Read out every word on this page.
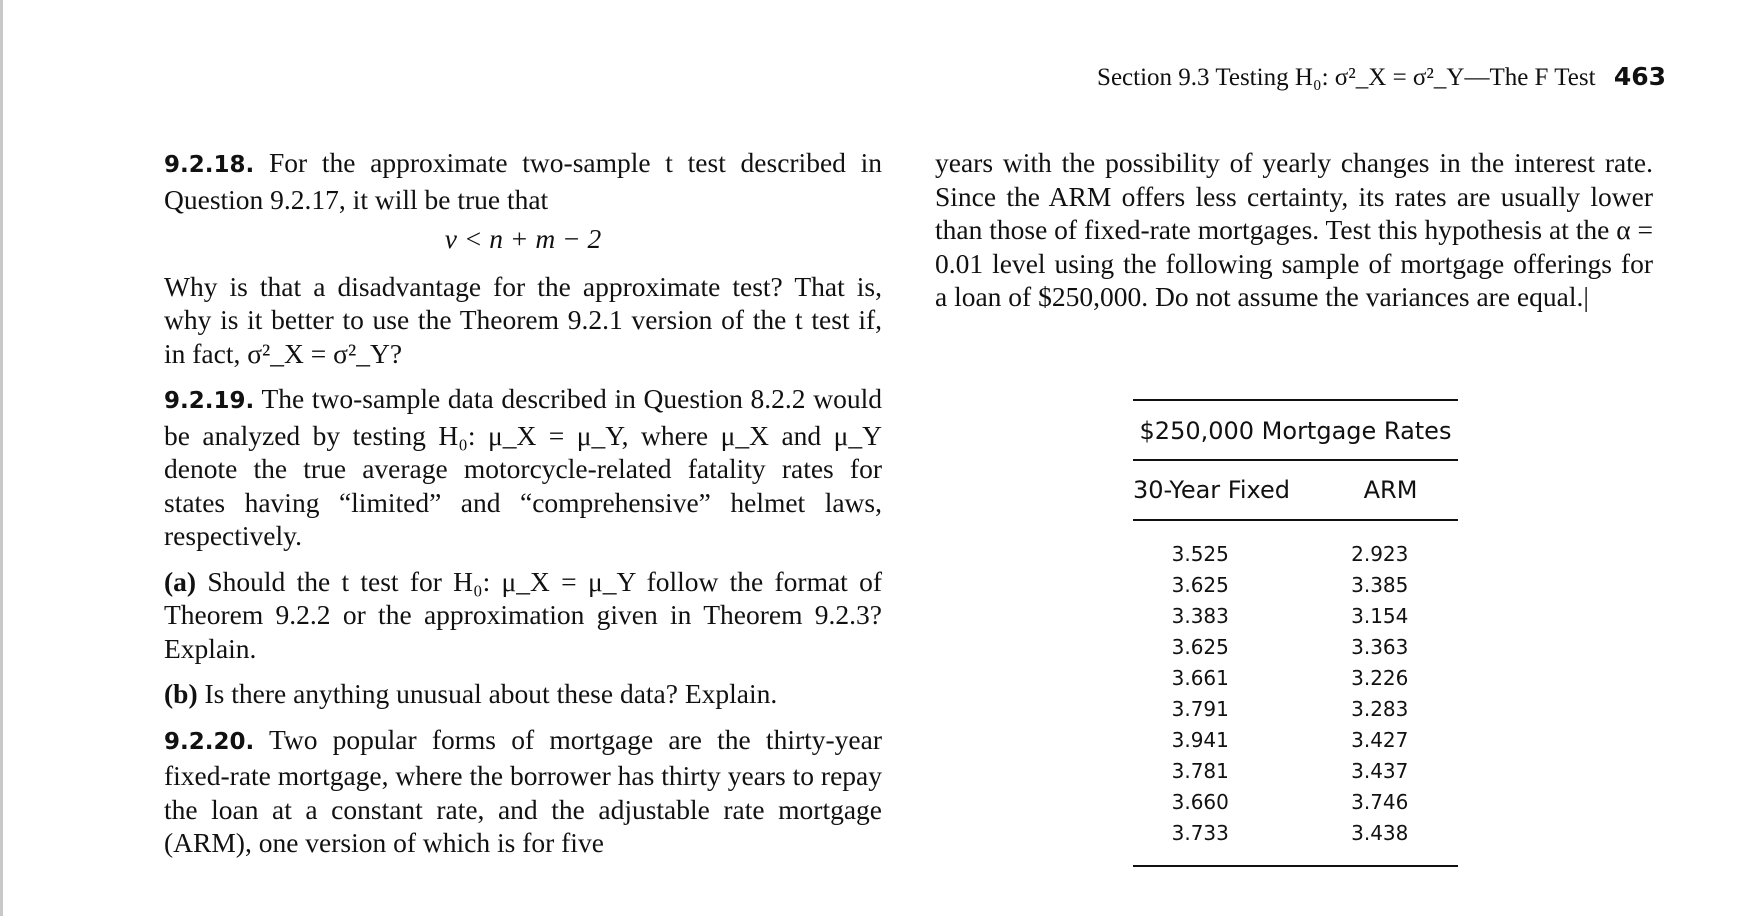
Section 9.3 Testing H₀: σ²_X = σ²_Y—The F Test 463

9.2.18. For the approximate two-sample t test described in Question 9.2.17, it will be true that

v < n + m − 2

Why is that a disadvantage for the approximate test? That is, why is it better to use the Theorem 9.2.1 version of the t test if, in fact, σ²_X = σ²_Y?

9.2.19. The two-sample data described in Question 8.2.2 would be analyzed by testing H₀: μ_X = μ_Y, where μ_X and μ_Y denote the true average motorcycle-related fatality rates for states having “limited” and “comprehensive” helmet laws, respectively.

(a) Should the t test for H₀: μ_X = μ_Y follow the format of Theorem 9.2.2 or the approximation given in Theorem 9.2.3? Explain.

(b) Is there anything unusual about these data? Explain.

9.2.20. Two popular forms of mortgage are the thirty-year fixed-rate mortgage, where the borrower has thirty years to repay the loan at a constant rate, and the adjustable rate mortgage (ARM), one version of which is for five

years with the possibility of yearly changes in the interest rate. Since the ARM offers less certainty, its rates are usually lower than those of fixed-rate mortgages. Test this hypothesis at the α = 0.01 level using the following sample of mortgage offerings for a loan of $250,000. Do not assume the variances are equal.|

$250,000 Mortgage Rates
30-Year Fixed	ARM
3.525	2.923
3.625	3.385
3.383	3.154
3.625	3.363
3.661	3.226
3.791	3.283
3.941	3.427
3.781	3.437
3.660	3.746
3.733	3.438
